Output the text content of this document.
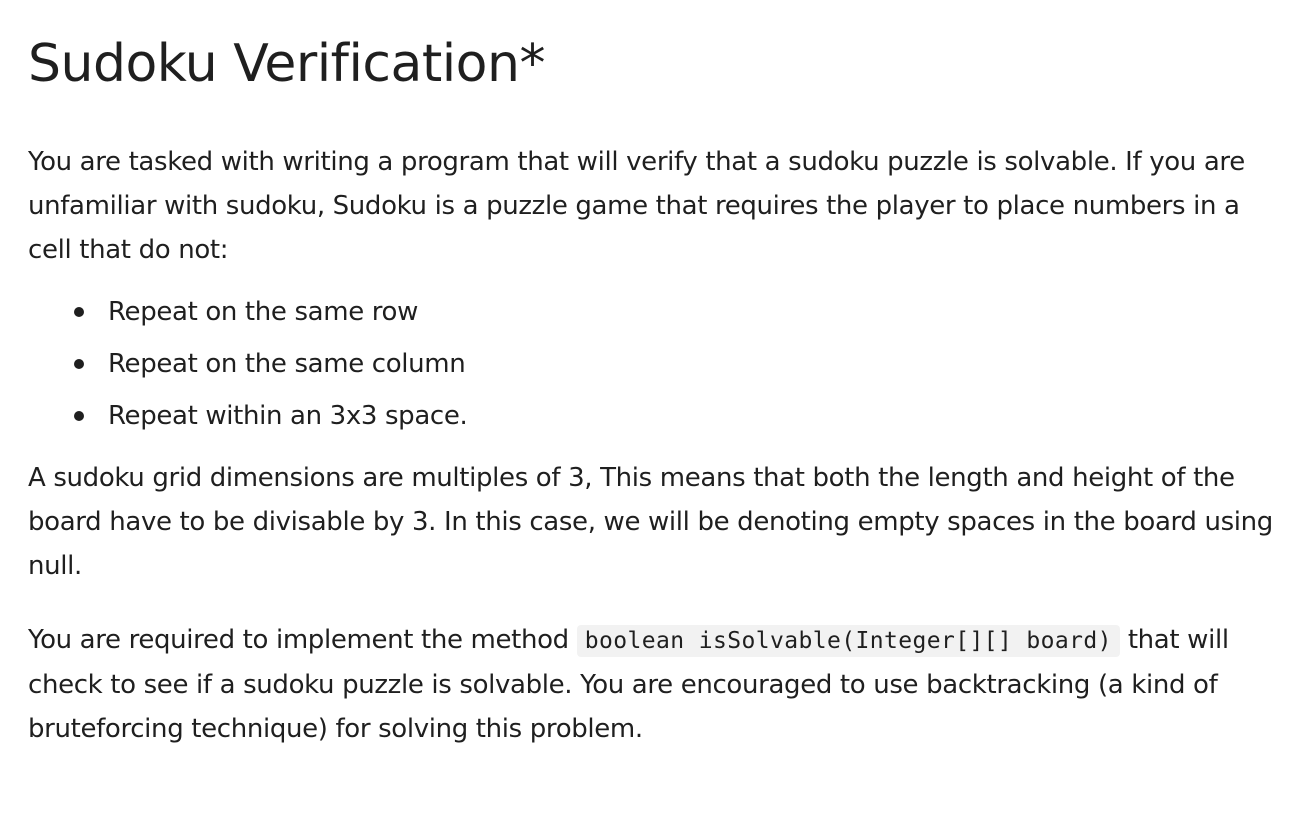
Sudoku Verification*

You are tasked with writing a program that will verify that a sudoku puzzle is solvable. If you are unfamiliar with sudoku, Sudoku is a puzzle game that requires the player to place numbers in a cell that do not:

Repeat on the same row
Repeat on the same column
Repeat within an 3x3 space.

A sudoku grid dimensions are multiples of 3, This means that both the length and height of the board have to be divisable by 3. In this case, we will be denoting empty spaces in the board using null.

You are required to implement the method boolean isSolvable(Integer[][] board) that will check to see if a sudoku puzzle is solvable. You are encouraged to use backtracking (a kind of bruteforcing technique) for solving this problem.
